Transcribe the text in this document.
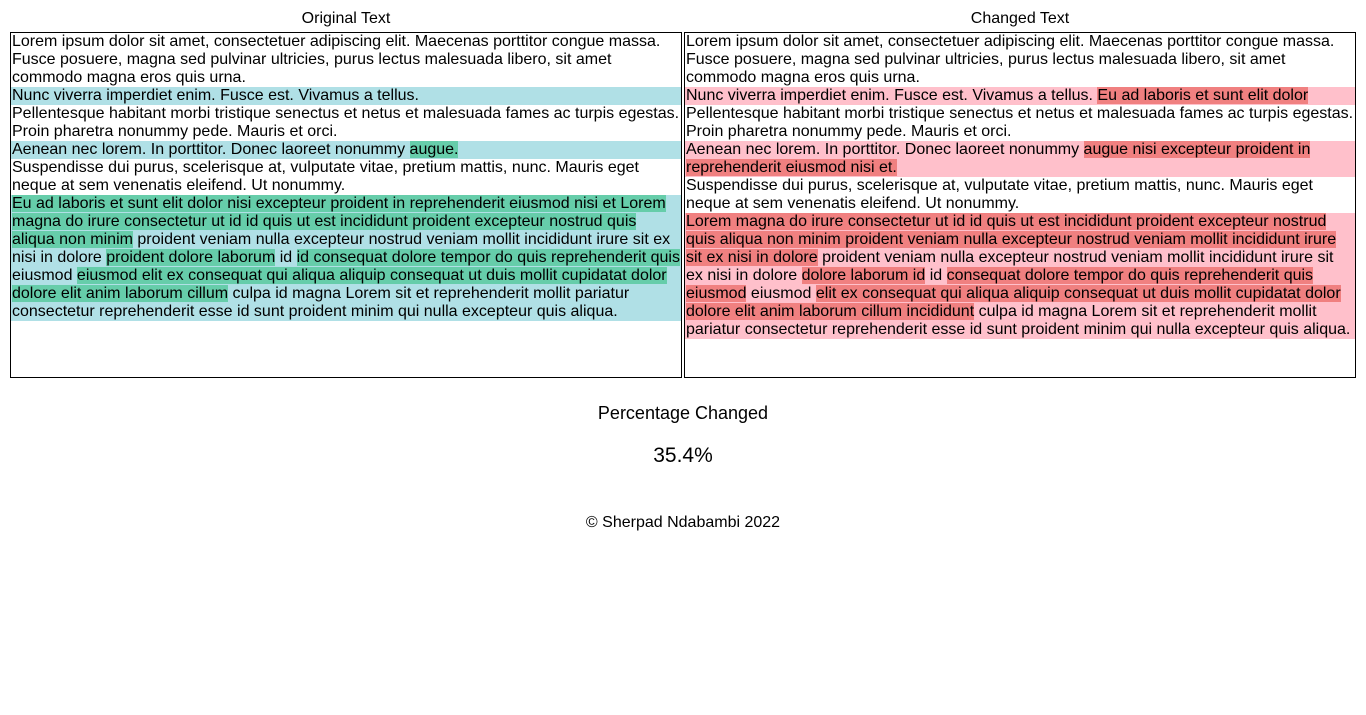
Original Text	Changed Text
Lorem ipsum dolor sit amet, consectetuer adipiscing elit. Maecenas porttitor congue massa. Fusce posuere, magna sed pulvinar ultricies, purus lectus malesuada libero, sit amet commodo magna eros quis urna.
Nunc viverra imperdiet enim. Fusce est. Vivamus a tellus.
Pellentesque habitant morbi tristique senectus et netus et malesuada fames ac turpis egestas. Proin pharetra nonummy pede. Mauris et orci.
Aenean nec lorem. In porttitor. Donec laoreet nonummy augue.
Suspendisse dui purus, scelerisque at, vulputate vitae, pretium mattis, nunc. Mauris eget neque at sem venenatis eleifend. Ut nonummy.
Eu ad laboris et sunt elit dolor nisi excepteur proident in reprehenderit eiusmod nisi et Lorem magna do irure consectetur ut id id quis ut est incididunt proident excepteur nostrud quis aliqua non minim proident veniam nulla excepteur nostrud veniam mollit incididunt irure sit ex nisi in dolore proident dolore laborum id id consequat dolore tempor do quis reprehenderit quis eiusmod eiusmod elit ex consequat qui aliqua aliquip consequat ut duis mollit cupidatat dolor dolore elit anim laborum cillum culpa id magna Lorem sit et reprehenderit mollit pariatur consectetur reprehenderit esse id sunt proident minim qui nulla excepteur quis aliqua.
Lorem ipsum dolor sit amet, consectetuer adipiscing elit. Maecenas porttitor congue massa. Fusce posuere, magna sed pulvinar ultricies, purus lectus malesuada libero, sit amet commodo magna eros quis urna.
Nunc viverra imperdiet enim. Fusce est. Vivamus a tellus. Eu ad laboris et sunt elit dolor
Pellentesque habitant morbi tristique senectus et netus et malesuada fames ac turpis egestas. Proin pharetra nonummy pede. Mauris et orci.
Aenean nec lorem. In porttitor. Donec laoreet nonummy augue nisi excepteur proident in reprehenderit eiusmod nisi et.
Suspendisse dui purus, scelerisque at, vulputate vitae, pretium mattis, nunc. Mauris eget neque at sem venenatis eleifend. Ut nonummy.
Lorem magna do irure consectetur ut id id quis ut est incididunt proident excepteur nostrud quis aliqua non minim proident veniam nulla excepteur nostrud veniam mollit incididunt irure sit ex nisi in dolore proident veniam nulla excepteur nostrud veniam mollit incididunt irure sit ex nisi in dolore dolore laborum id id consequat dolore tempor do quis reprehenderit quis eiusmod eiusmod elit ex consequat qui aliqua aliquip consequat ut duis mollit cupidatat dolor dolore elit anim laborum cillum incididunt culpa id magna Lorem sit et reprehenderit mollit pariatur consectetur reprehenderit esse id sunt proident minim qui nulla excepteur quis aliqua.
Percentage Changed
35.4%
© Sherpad Ndabambi 2022
